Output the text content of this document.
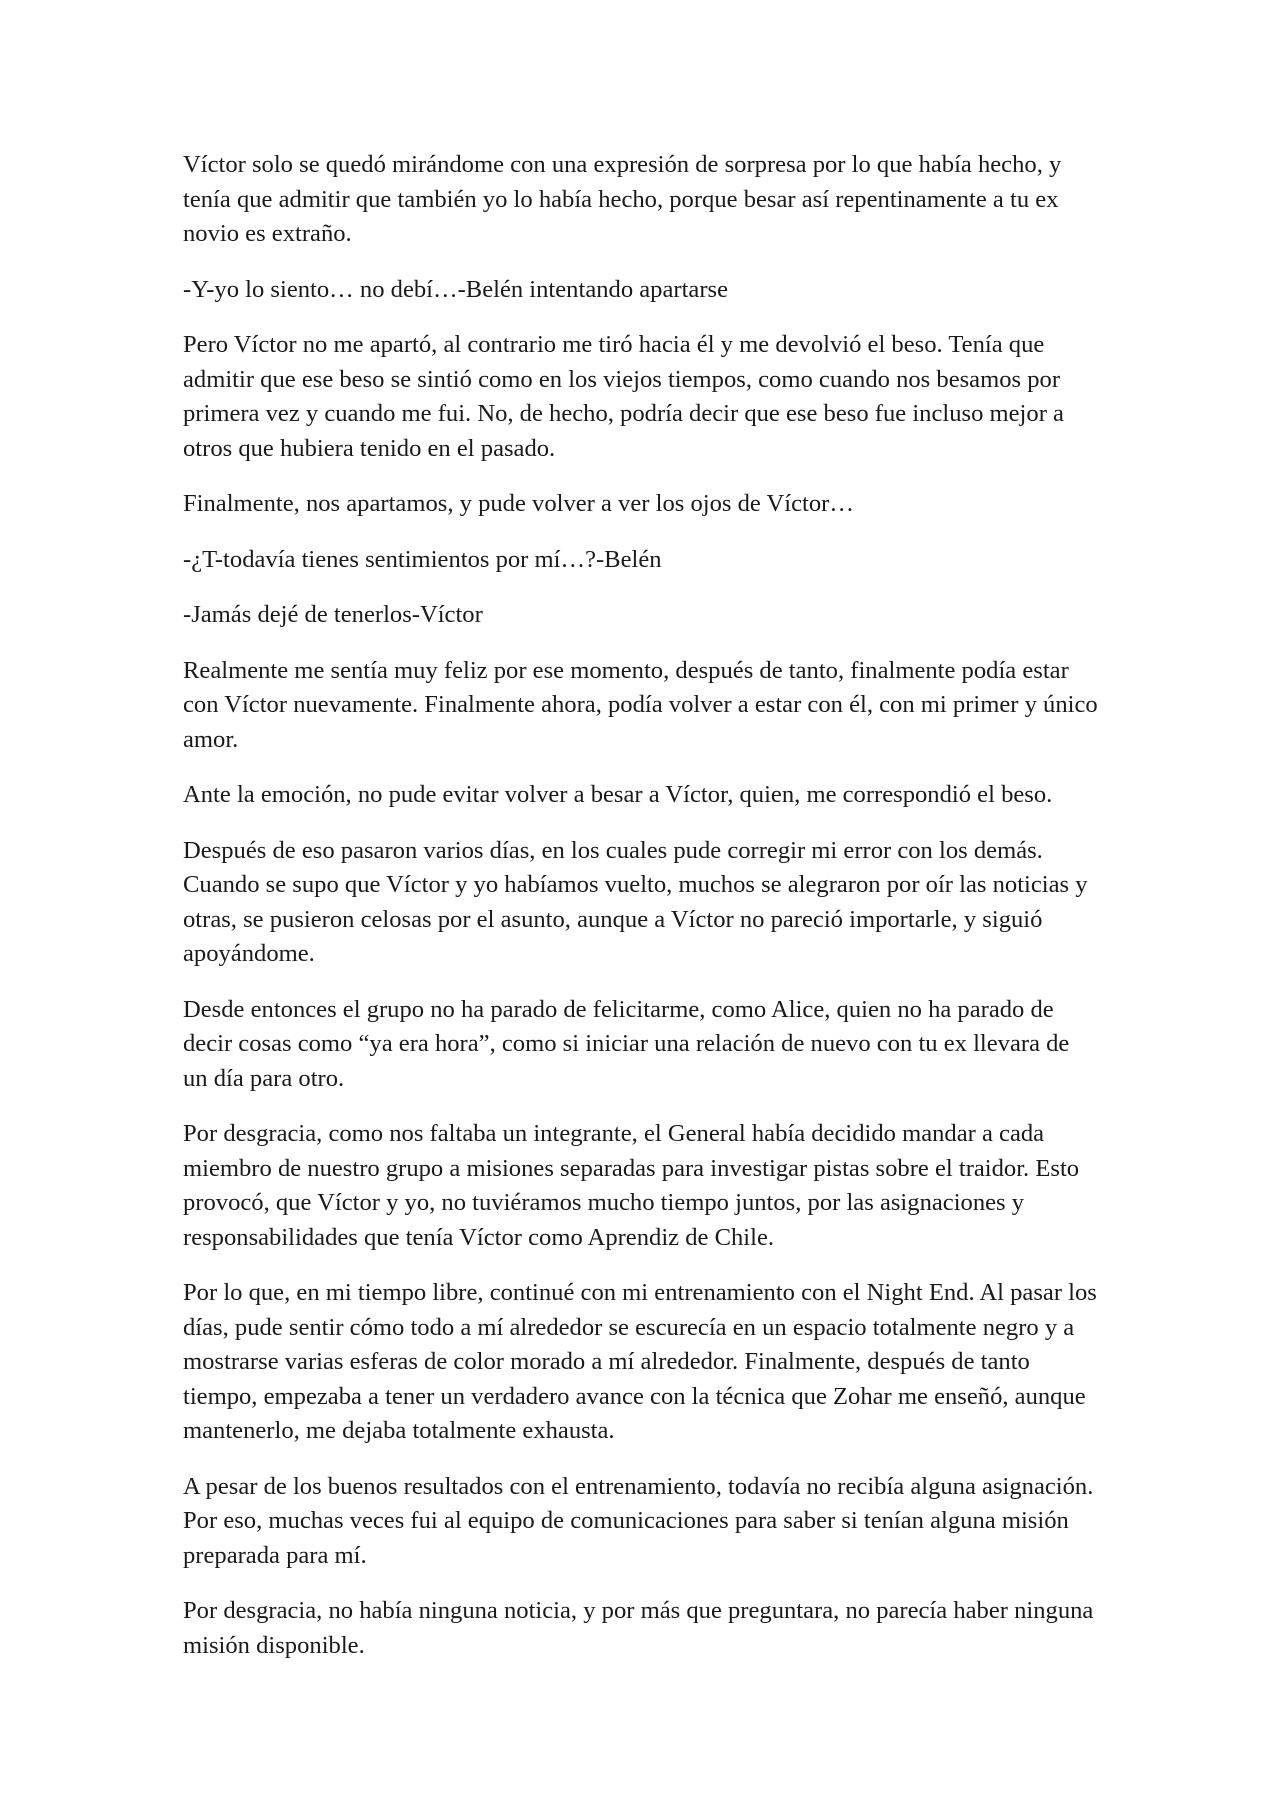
Víctor solo se quedó mirándome con una expresión de sorpresa por lo que había hecho, y tenía que admitir que también yo lo había hecho, porque besar así repentinamente a tu ex novio es extraño.

-Y-yo lo siento… no debí…-Belén intentando apartarse

Pero Víctor no me apartó, al contrario me tiró hacia él y me devolvió el beso. Tenía que admitir que ese beso se sintió como en los viejos tiempos, como cuando nos besamos por primera vez y cuando me fui. No, de hecho, podría decir que ese beso fue incluso mejor a otros que hubiera tenido en el pasado.

Finalmente, nos apartamos, y pude volver a ver los ojos de Víctor…

-¿T-todavía tienes sentimientos por mí…?-Belén

-Jamás dejé de tenerlos-Víctor

Realmente me sentía muy feliz por ese momento, después de tanto, finalmente podía estar con Víctor nuevamente. Finalmente ahora, podía volver a estar con él, con mi primer y único amor.

Ante la emoción, no pude evitar volver a besar a Víctor, quien, me correspondió el beso.

Después de eso pasaron varios días, en los cuales pude corregir mi error con los demás. Cuando se supo que Víctor y yo habíamos vuelto, muchos se alegraron por oír las noticias y otras, se pusieron celosas por el asunto, aunque a Víctor no pareció importarle, y siguió apoyándome.

Desde entonces el grupo no ha parado de felicitarme, como Alice, quien no ha parado de decir cosas como “ya era hora”, como si iniciar una relación de nuevo con tu ex llevara de un día para otro.

Por desgracia, como nos faltaba un integrante, el General había decidido mandar a cada miembro de nuestro grupo a misiones separadas para investigar pistas sobre el traidor. Esto provocó, que Víctor y yo, no tuviéramos mucho tiempo juntos, por las asignaciones y responsabilidades que tenía Víctor como Aprendiz de Chile.

Por lo que, en mi tiempo libre, continué con mi entrenamiento con el Night End. Al pasar los días, pude sentir cómo todo a mí alrededor se escurecía en un espacio totalmente negro y a mostrarse varias esferas de color morado a mí alrededor. Finalmente, después de tanto tiempo, empezaba a tener un verdadero avance con la técnica que Zohar me enseñó, aunque mantenerlo, me dejaba totalmente exhausta.

A pesar de los buenos resultados con el entrenamiento, todavía no recibía alguna asignación. Por eso, muchas veces fui al equipo de comunicaciones para saber si tenían alguna misión preparada para mí.

Por desgracia, no había ninguna noticia, y por más que preguntara, no parecía haber ninguna misión disponible.
